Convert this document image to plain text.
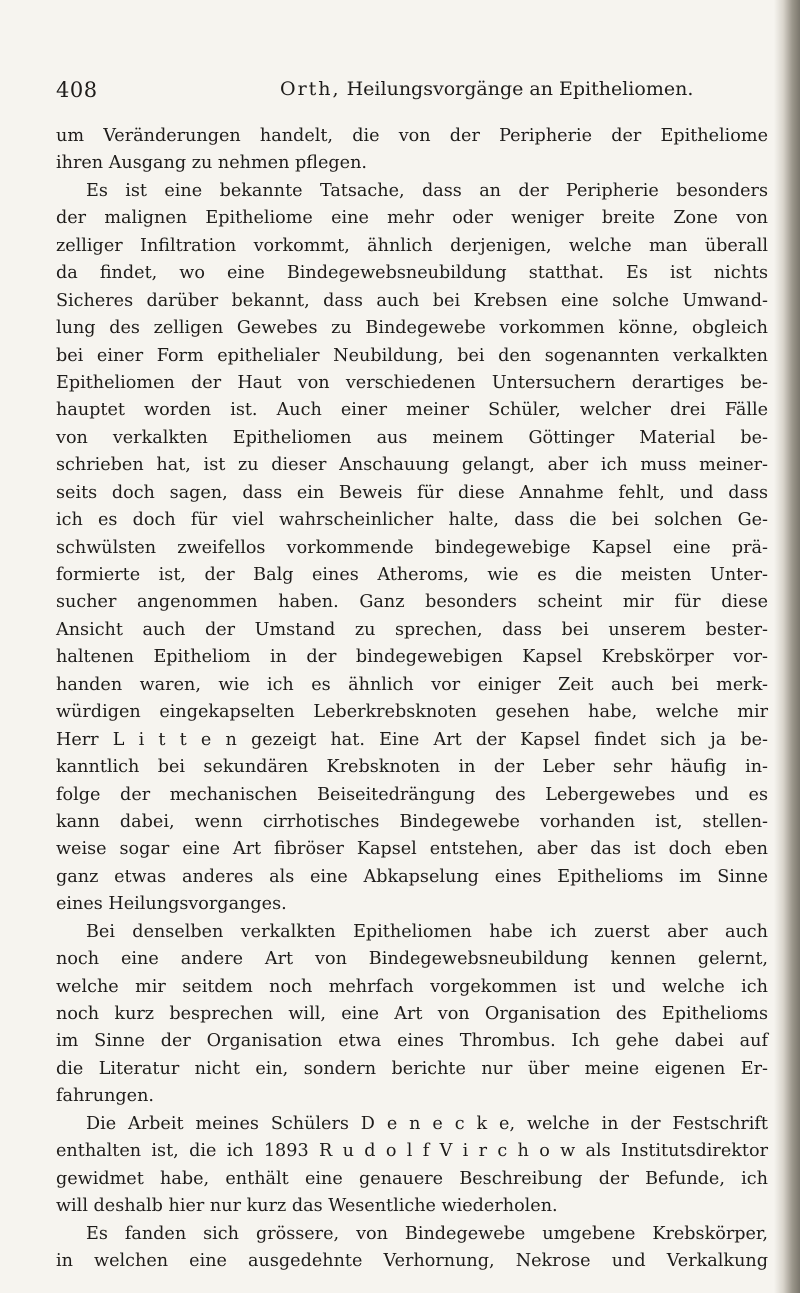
408	Orth, Heilungsvorgänge an Epitheliomen.
um Veränderungen handelt, die von der Peripherie der Epitheliome
ihren Ausgang zu nehmen pflegen.
Es ist eine bekannte Tatsache, dass an der Peripherie besonders
der malignen Epitheliome eine mehr oder weniger breite Zone von
zelliger Infiltration vorkommt, ähnlich derjenigen, welche man überall
da findet, wo eine Bindegewebsneubildung statthat. Es ist nichts
Sicheres darüber bekannt, dass auch bei Krebsen eine solche Umwand-
lung des zelligen Gewebes zu Bindegewebe vorkommen könne, obgleich
bei einer Form epithelialer Neubildung, bei den sogenannten verkalkten
Epitheliomen der Haut von verschiedenen Untersuchern derartiges be-
hauptet worden ist. Auch einer meiner Schüler, welcher drei Fälle
von verkalkten Epitheliomen aus meinem Göttinger Material be-
schrieben hat, ist zu dieser Anschauung gelangt, aber ich muss meiner-
seits doch sagen, dass ein Beweis für diese Annahme fehlt, und dass
ich es doch für viel wahrscheinlicher halte, dass die bei solchen Ge-
schwülsten zweifellos vorkommende bindegewebige Kapsel eine prä-
formierte ist, der Balg eines Atheroms, wie es die meisten Unter-
sucher angenommen haben. Ganz besonders scheint mir für diese
Ansicht auch der Umstand zu sprechen, dass bei unserem bester-
haltenen Epitheliom in der bindegewebigen Kapsel Krebskörper vor-
handen waren, wie ich es ähnlich vor einiger Zeit auch bei merk-
würdigen eingekapselten Leberkrebsknoten gesehen habe, welche mir
Herr L i t t e n gezeigt hat. Eine Art der Kapsel findet sich ja be-
kanntlich bei sekundären Krebsknoten in der Leber sehr häufig in-
folge der mechanischen Beiseitedrängung des Lebergewebes und es
kann dabei, wenn cirrhotisches Bindegewebe vorhanden ist, stellen-
weise sogar eine Art fibröser Kapsel entstehen, aber das ist doch eben
ganz etwas anderes als eine Abkapselung eines Epithelioms im Sinne
eines Heilungsvorganges.
Bei denselben verkalkten Epitheliomen habe ich zuerst aber auch
noch eine andere Art von Bindegewebsneubildung kennen gelernt,
welche mir seitdem noch mehrfach vorgekommen ist und welche ich
noch kurz besprechen will, eine Art von Organisation des Epithelioms
im Sinne der Organisation etwa eines Thrombus. Ich gehe dabei auf
die Literatur nicht ein, sondern berichte nur über meine eigenen Er-
fahrungen.
Die Arbeit meines Schülers D e n e c k e, welche in der Festschrift
enthalten ist, die ich 1893 R u d o l f V i r c h o w als Institutsdirektor
gewidmet habe, enthält eine genauere Beschreibung der Befunde, ich
will deshalb hier nur kurz das Wesentliche wiederholen.
Es fanden sich grössere, von Bindegewebe umgebene Krebskörper,
in welchen eine ausgedehnte Verhornung, Nekrose und Verkalkung
